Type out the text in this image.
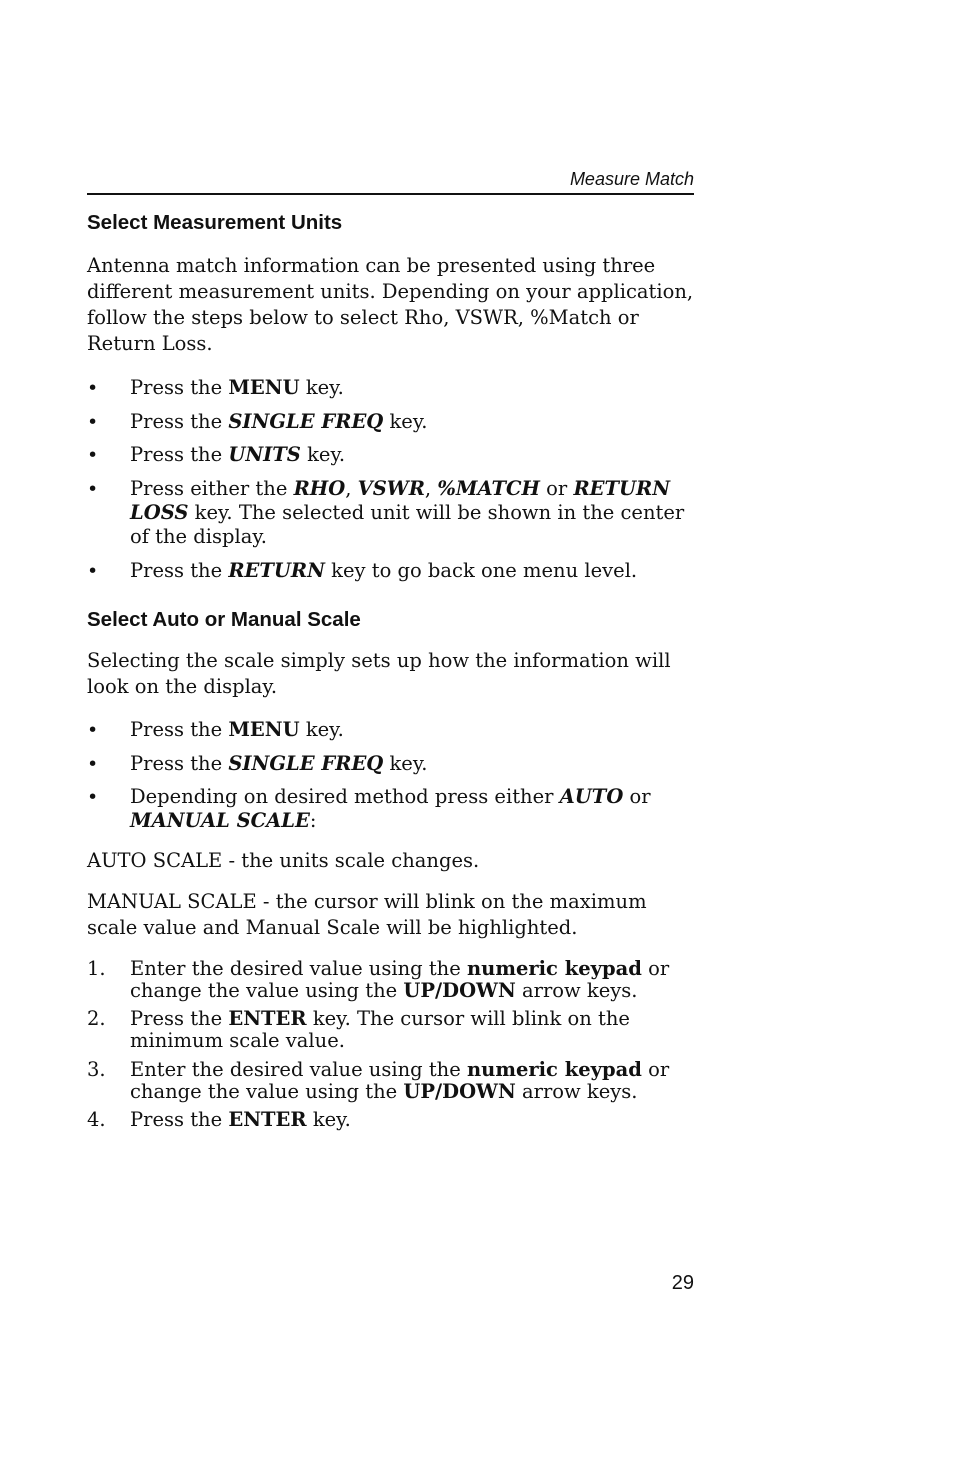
Measure Match
Select Measurement Units

Antenna match information can be presented using three different measurement units. Depending on your application, follow the steps below to select Rho, VSWR, %Match or Return Loss.

•	Press the MENU key.
•	Press the SINGLE FREQ key.
•	Press the UNITS key.
•	Press either the RHO, VSWR, %MATCH or RETURN LOSS key. The selected unit will be shown in the center of the display.
•	Press the RETURN key to go back one menu level.
Select Auto or Manual Scale

Selecting the scale simply sets up how the information will look on the display.

•	Press the MENU key.
•	Press the SINGLE FREQ key.
•	Depending on desired method press either AUTO or MANUAL SCALE:

AUTO SCALE - the units scale changes.

MANUAL SCALE - the cursor will blink on the maximum scale value and Manual Scale will be highlighted.

1.	Enter the desired value using the numeric keypad or change the value using the UP/DOWN arrow keys.
2.	Press the ENTER key. The cursor will blink on the minimum scale value.
3.	Enter the desired value using the numeric keypad or change the value using the UP/DOWN arrow keys.
4.	Press the ENTER key.
29
